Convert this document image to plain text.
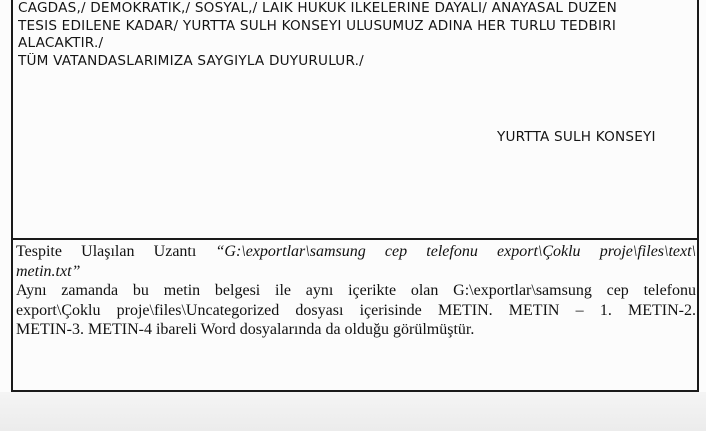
CAGDAS,/ DEMOKRATIK,/ SOSYAL,/ LAIK HUKUK ILKELERINE DAYALI/ ANAYASAL DUZEN
TESIS EDILENE KADAR/ YURTTA SULH KONSEYI ULUSUMUZ ADINA HER TURLU TEDBIRI
ALACAKTIR./
TÜM VATANDASLARIMIZA SAYGIYLA DUYURULUR./
YURTTA SULH KONSEYI
Tespite Ulaşılan Uzantı “G:\exportlar\samsung cep telefonu export\Çoklu proje\files\text\
metin.txt”
Aynı zamanda bu metin belgesi ile aynı içerikte olan G:\exportlar\samsung cep telefonu
export\Çoklu proje\files\Uncategorized dosyası içerisinde METIN. METIN – 1. METIN-2.
METIN-3. METIN-4 ibareli Word dosyalarında da olduğu görülmüştür.
